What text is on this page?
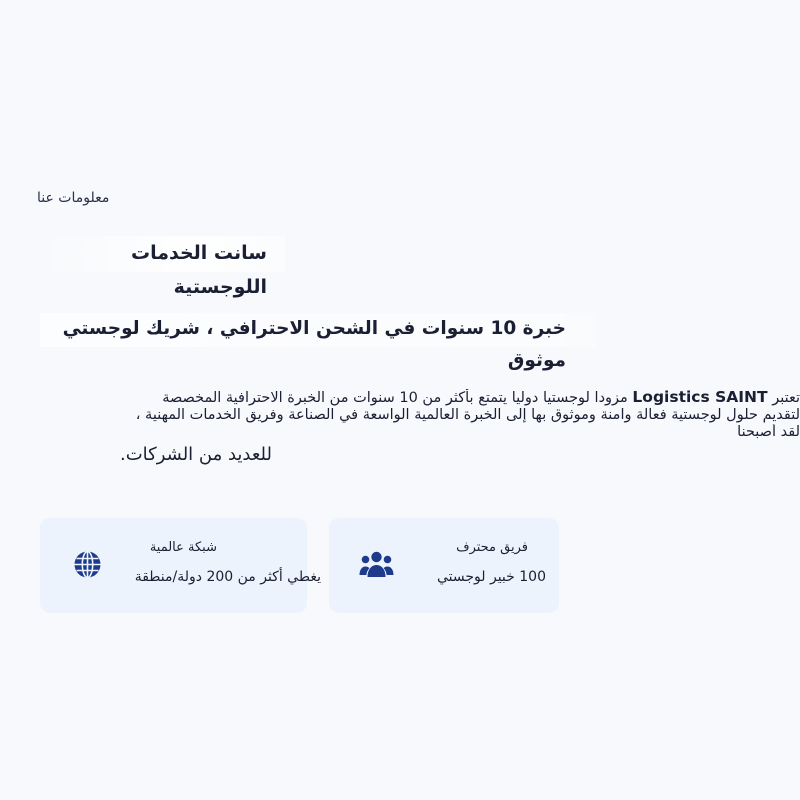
معلومات عنا
سانت الخدمات اللوجستية
خبرة 10 سنوات في الشحن الاحترافي ، شريك لوجستي موثوق
تعتبر Logistics SAINT مزودا لوجستيا دوليا يتمتع بأكثر من 10 سنوات من الخبرة الاحترافية المخصصة
لتقديم حلول لوجستية فعالة وآمنة وموثوق بها إلى الخبرة العالمية الواسعة في الصناعة وفريق الخدمات المهنية ،
لقد أصبحنا
للعديد من الشركات.
شبكة عالمية
يغطي أكثر من 200 دولة/منطقة
فريق محترف
100 خبير لوجستي
